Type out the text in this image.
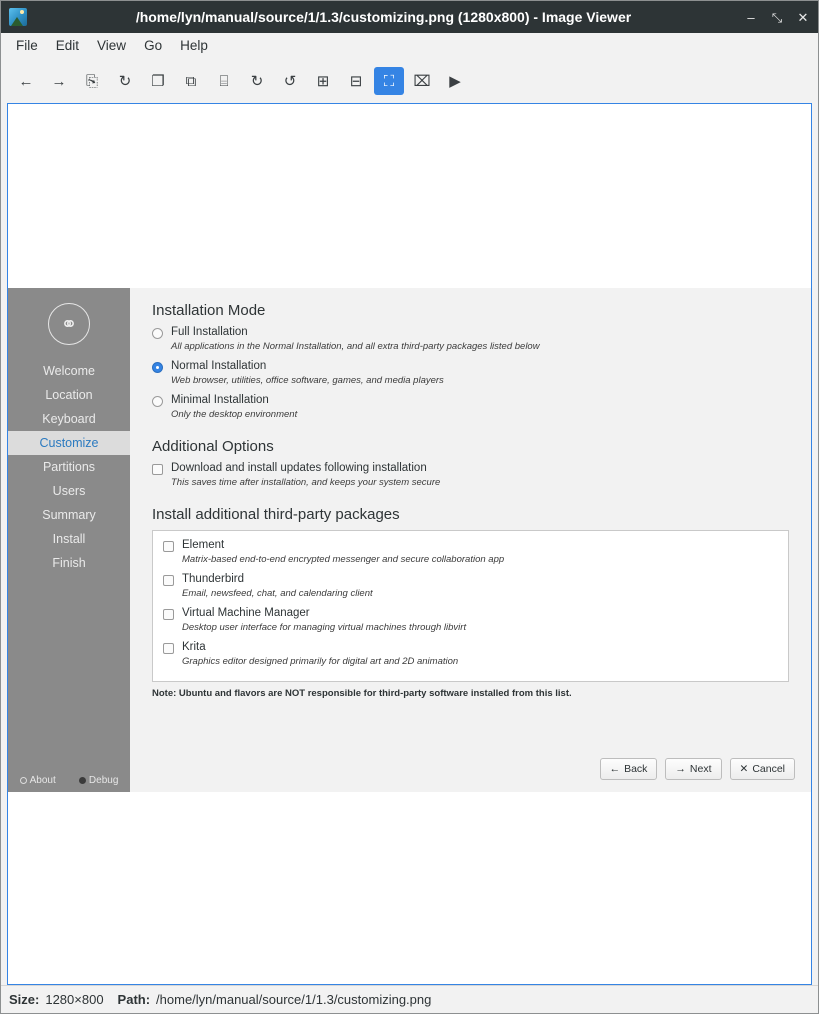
/home/lyn/manual/source/1/1.3/customizing.png (1280x800) - Image Viewer	– ⤡ ✕
File	Edit	View	Go	Help
← → ⎘ ↻ ❐ ⧉ ⌸ ↻ ↺ ⊞ ⊟ ⛶ ⌧ ▶
⚭
Welcome
Location
Keyboard
Customize
Partitions
Users
Summary
Install
Finish
About	Debug
Installation Mode
Full Installation
All applications in the Normal Installation, and all extra third-party packages listed below
Normal Installation
Web browser, utilities, office software, games, and media players
Minimal Installation
Only the desktop environment
Additional Options
Download and install updates following installation
This saves time after installation, and keeps your system secure
Install additional third-party packages
Element
Matrix-based end-to-end encrypted messenger and secure collaboration app
Thunderbird
Email, newsfeed, chat, and calendaring client
Virtual Machine Manager
Desktop user interface for managing virtual machines through libvirt
Krita
Graphics editor designed primarily for digital art and 2D animation
Note: Ubuntu and flavors are NOT responsible for third-party software installed from this list.
← Back	→ Next	✕ Cancel
Size: 1280×800 Path: /home/lyn/manual/source/1/1.3/customizing.png
